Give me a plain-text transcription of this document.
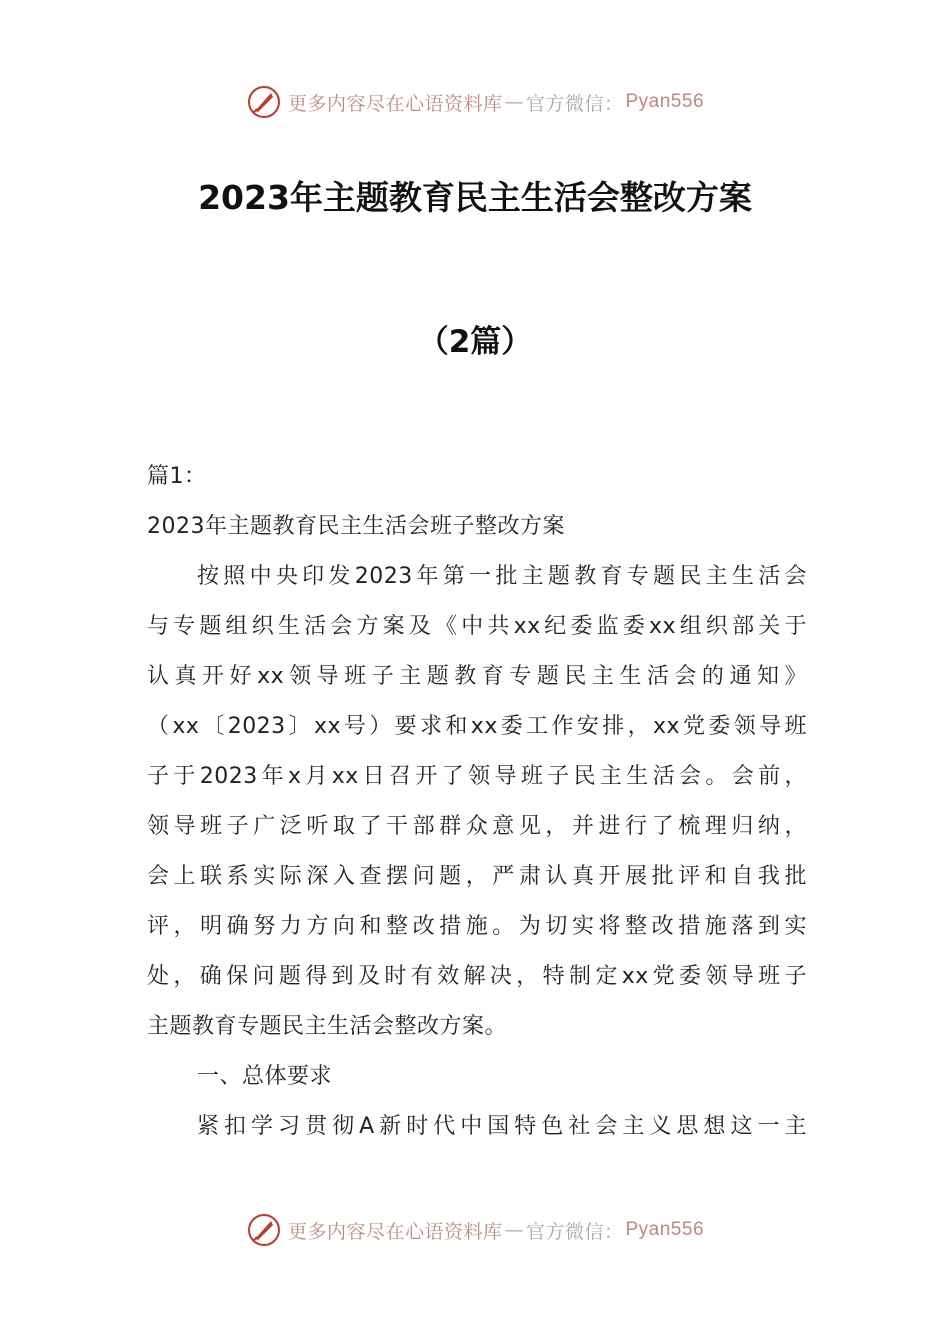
更多内容尽在心语资料库 — 官方微信： Pyan556
2023年主题教育民主生活会整改方案
（2篇）
篇1：
2023年主题教育民主生活会班子整改方案
按照中央印发2023年第一批主题教育专题民主生活会
与专题组织生活会方案及《中共xx纪委监委xx组织部关于
认真开好xx领导班子主题教育专题民主生活会的通知》
（xx〔2023〕xx号）要求和xx委工作安排，xx党委领导班
子于2023年x月xx日召开了领导班子民主生活会。会前，
领导班子广泛听取了干部群众意见，并进行了梳理归纳，
会上联系实际深入查摆问题，严肃认真开展批评和自我批
评，明确努力方向和整改措施。为切实将整改措施落到实
处，确保问题得到及时有效解决，特制定xx党委领导班子
主题教育专题民主生活会整改方案。
一、总体要求
紧扣学习贯彻A新时代中国特色社会主义思想这一主
更多内容尽在心语资料库 — 官方微信： Pyan556
